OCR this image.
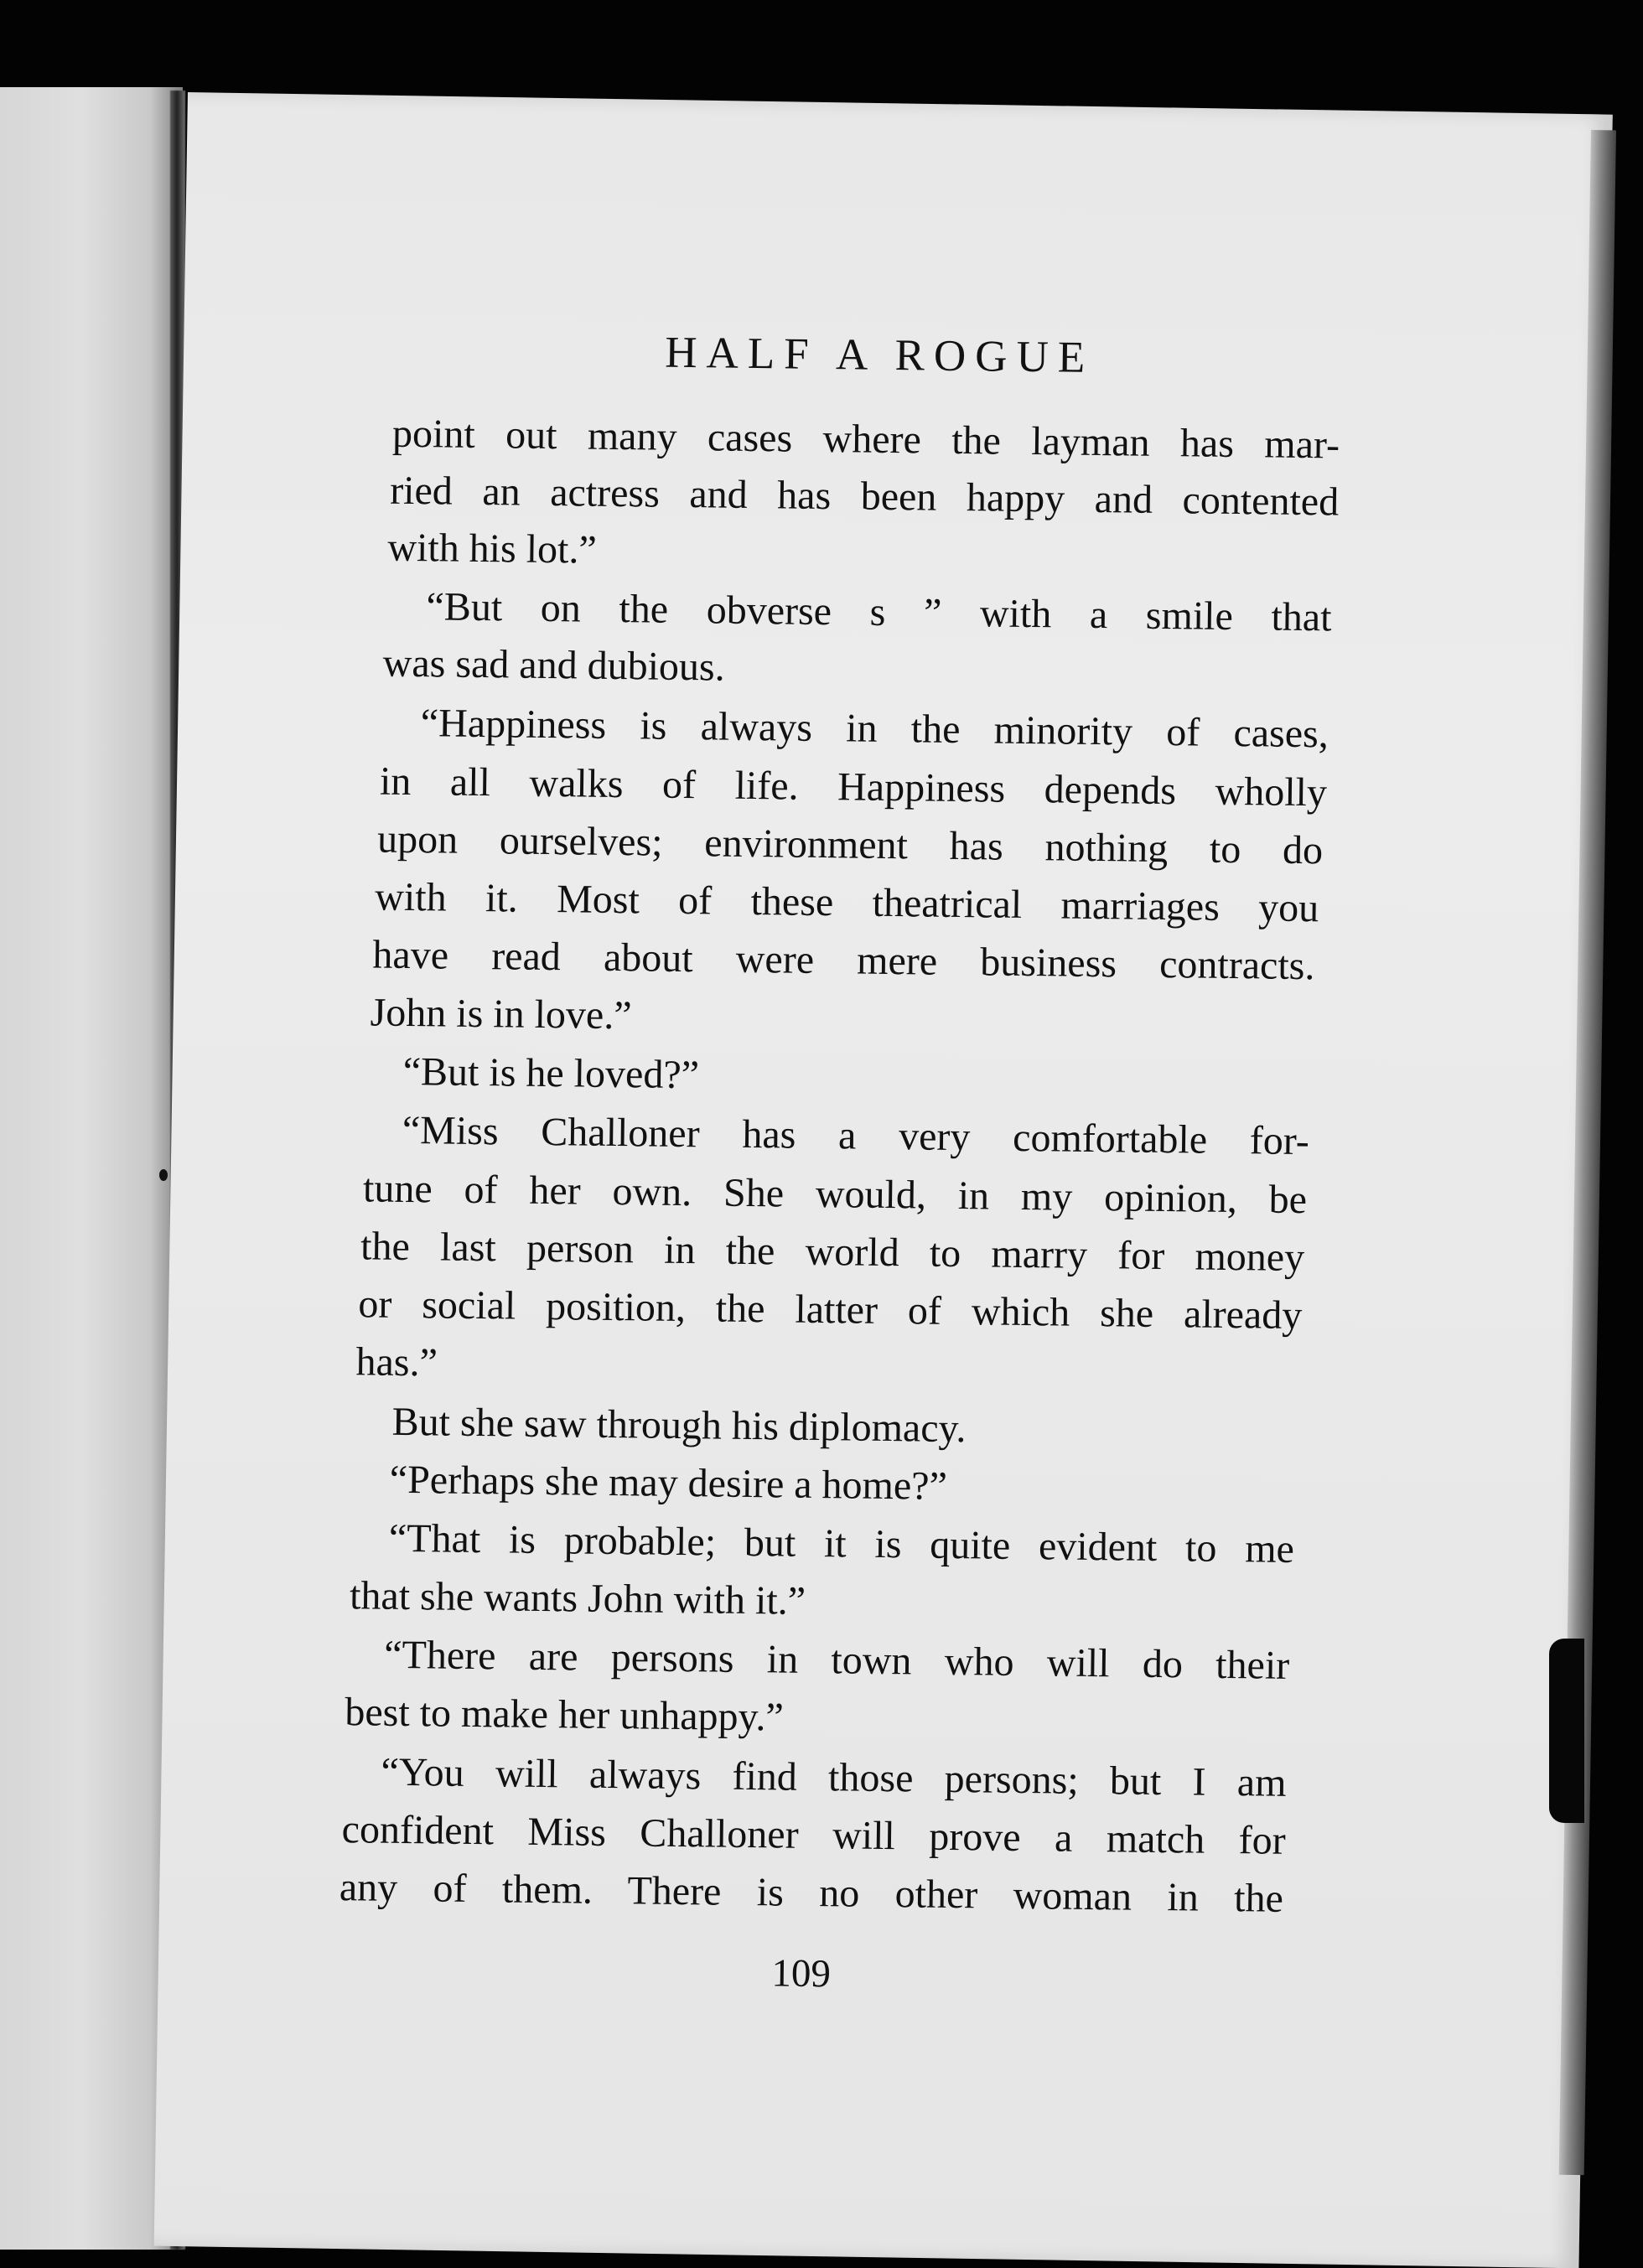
HALF A ROGUE
point out many cases where the layman has mar-
ried an actress and has been happy and contented
with his lot.”
“But on the obverse s ” with a smile that
was sad and dubious.
“Happiness is always in the minority of cases,
in all walks of life. Happiness depends wholly
upon ourselves; environment has nothing to do
with it. Most of these theatrical marriages you
have read about were mere business contracts.
John is in love.”
“But is he loved?”
“Miss Challoner has a very comfortable for-
tune of her own. She would, in my opinion, be
the last person in the world to marry for money
or social position, the latter of which she already
has.”
But she saw through his diplomacy.
“Perhaps she may desire a home?”
“That is probable; but it is quite evident to me
that she wants John with it.”
“There are persons in town who will do their
best to make her unhappy.”
“You will always find those persons; but I am
confident Miss Challoner will prove a match for
any of them. There is no other woman in the
109
